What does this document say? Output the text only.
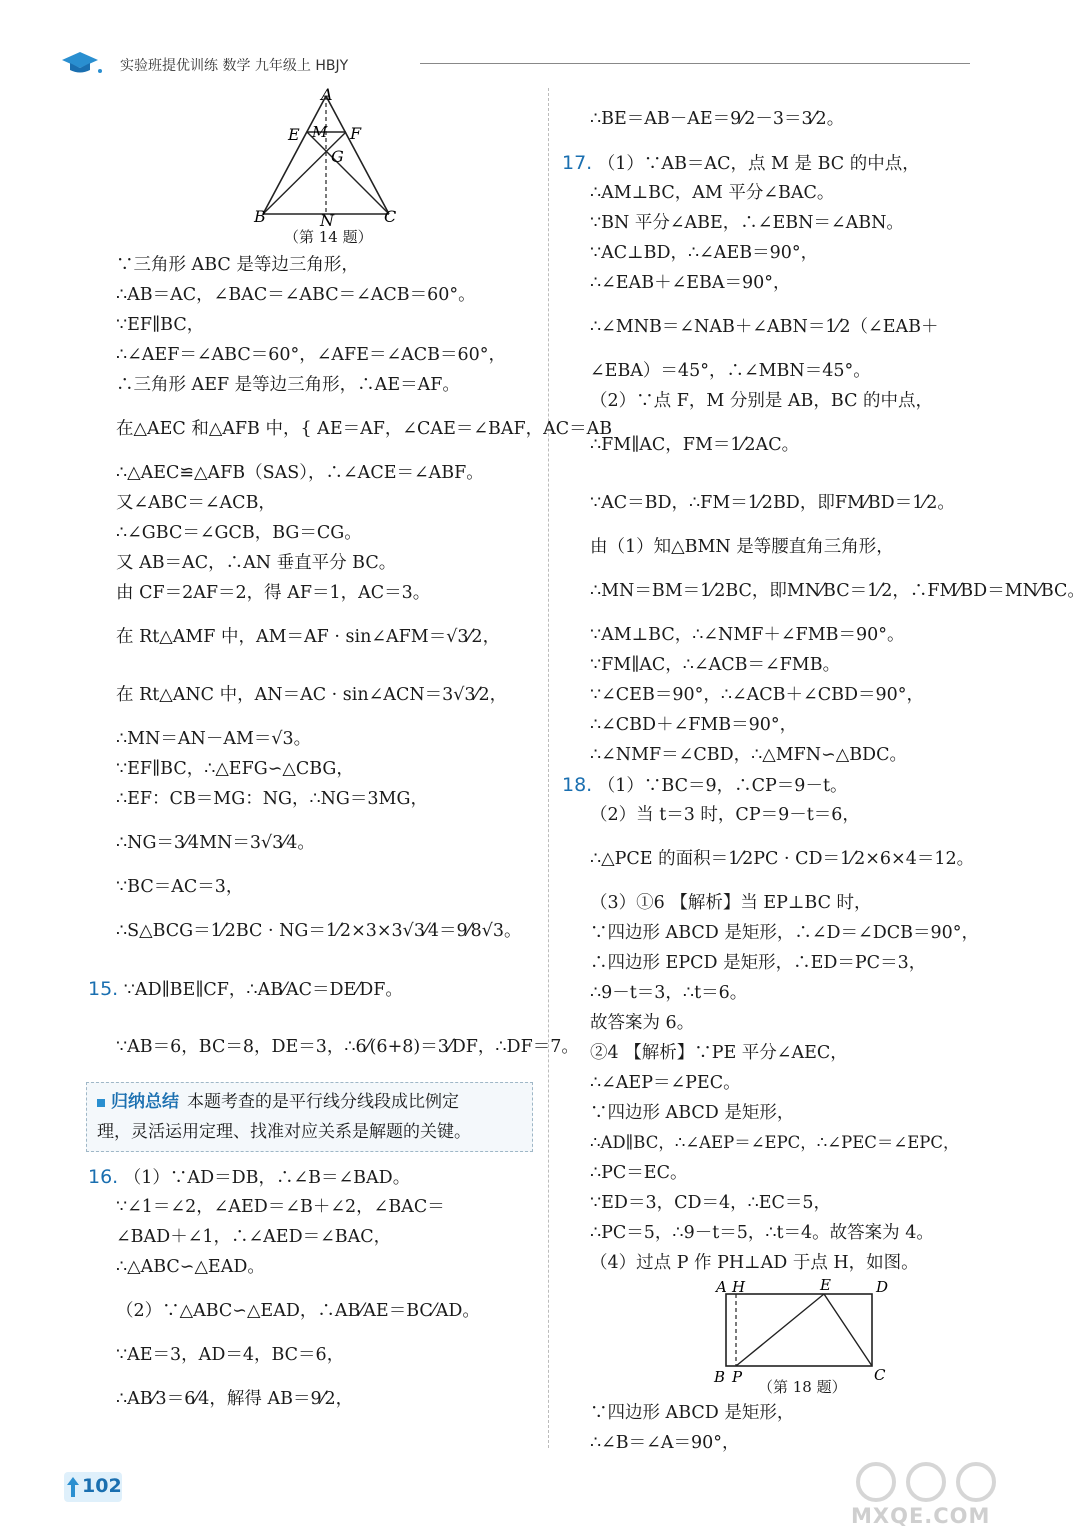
实验班提优训练 数学 九年级上 HBJY
A
E M F
G
B	N	C
（第 14 题）
∵三角形 ABC 是等边三角形，
∴AB＝AC，∠BAC＝∠ABC＝∠ACB＝60°。
∵EF∥BC，
∴∠AEF＝∠ABC＝60°，∠AFE＝∠ACB＝60°，
∴三角形 AEF 是等边三角形，∴AE＝AF。
在△AEC 和△AFB 中，{ AE＝AF，∠CAE＝∠BAF，AC＝AB
∴△AEC≌△AFB（SAS），∴∠ACE＝∠ABF。
又∠ABC＝∠ACB，
∴∠GBC＝∠GCB，BG＝CG。
又 AB＝AC，∴AN 垂直平分 BC。
由 CF＝2AF＝2，得 AF＝1，AC＝3。
在 Rt△AMF 中，AM＝AF · sin∠AFM＝√3⁄2，
在 Rt△ANC 中，AN＝AC · sin∠ACN＝3√3⁄2，
∴MN＝AN－AM＝√3。
∵EF∥BC，∴△EFG∽△CBG，
∴EF：CB＝MG：NG，∴NG＝3MG，
∴NG＝3⁄4MN＝3√3⁄4。
∵BC＝AC＝3，
∴S△BCG＝1⁄2BC · NG＝1⁄2×3×3√3⁄4＝9⁄8√3。
15. ∵AD∥BE∥CF，∴AB⁄AC＝DE⁄DF。
∵AB＝6，BC＝8，DE＝3，∴6⁄(6+8)＝3⁄DF，∴DF＝7。
归纳总结 本题考查的是平行线分线段成比例定
理，灵活运用定理、找准对应关系是解题的关键。
16. （1）∵AD＝DB，∴∠B＝∠BAD。
∵∠1＝∠2，∠AED＝∠B＋∠2，∠BAC＝
∠BAD＋∠1，∴∠AED＝∠BAC，
∴△ABC∽△EAD。
（2）∵△ABC∽△EAD，∴AB⁄AE＝BC⁄AD。
∵AE＝3，AD＝4，BC＝6，
∴AB⁄3＝6⁄4，解得 AB＝9⁄2，
∴BE＝AB－AE＝9⁄2－3＝3⁄2。
17. （1）∵AB＝AC，点 M 是 BC 的中点，
∴AM⊥BC，AM 平分∠BAC。
∵BN 平分∠ABE，∴∠EBN＝∠ABN。
∵AC⊥BD，∴∠AEB＝90°，
∴∠EAB＋∠EBA＝90°，
∴∠MNB＝∠NAB＋∠ABN＝1⁄2（∠EAB＋
∠EBA）＝45°，∴∠MBN＝45°。
（2）∵点 F，M 分别是 AB，BC 的中点，
∴FM∥AC，FM＝1⁄2AC。
∵AC＝BD，∴FM＝1⁄2BD，即FM⁄BD＝1⁄2。
由（1）知△BMN 是等腰直角三角形，
∴MN＝BM＝1⁄2BC，即MN⁄BC＝1⁄2，∴FM⁄BD＝MN⁄BC。
∵AM⊥BC，∴∠NMF＋∠FMB＝90°。
∵FM∥AC，∴∠ACB＝∠FMB。
∵∠CEB＝90°，∴∠ACB＋∠CBD＝90°，
∴∠CBD＋∠FMB＝90°，
∴∠NMF＝∠CBD，∴△MFN∽△BDC。
18. （1）∵BC＝9，∴CP＝9－t。
（2）当 t＝3 时，CP＝9－t＝6，
∴△PCE 的面积＝1⁄2PC · CD＝1⁄2×6×4＝12。
（3）①6 【解析】当 EP⊥BC 时，
∵四边形 ABCD 是矩形，∴∠D＝∠DCB＝90°，
∴四边形 EPCD 是矩形，∴ED＝PC＝3，
∴9－t＝3，∴t＝6。
故答案为 6。
②4 【解析】∵PE 平分∠AEC，
∴∠AEP＝∠PEC。
∵四边形 ABCD 是矩形，
∴AD∥BC，∴∠AEP＝∠EPC，∴∠PEC＝∠EPC，
∴PC＝EC。
∵ED＝3，CD＝4，∴EC＝5，
∴PC＝5，∴9－t＝5，∴t＝4。故答案为 4。
（4）过点 P 作 PH⊥AD 于点 H，如图。
A H	E	D
B P	C
（第 18 题）
∵四边形 ABCD 是矩形，
∴∠B＝∠A＝90°，
102
MXQE.COM
